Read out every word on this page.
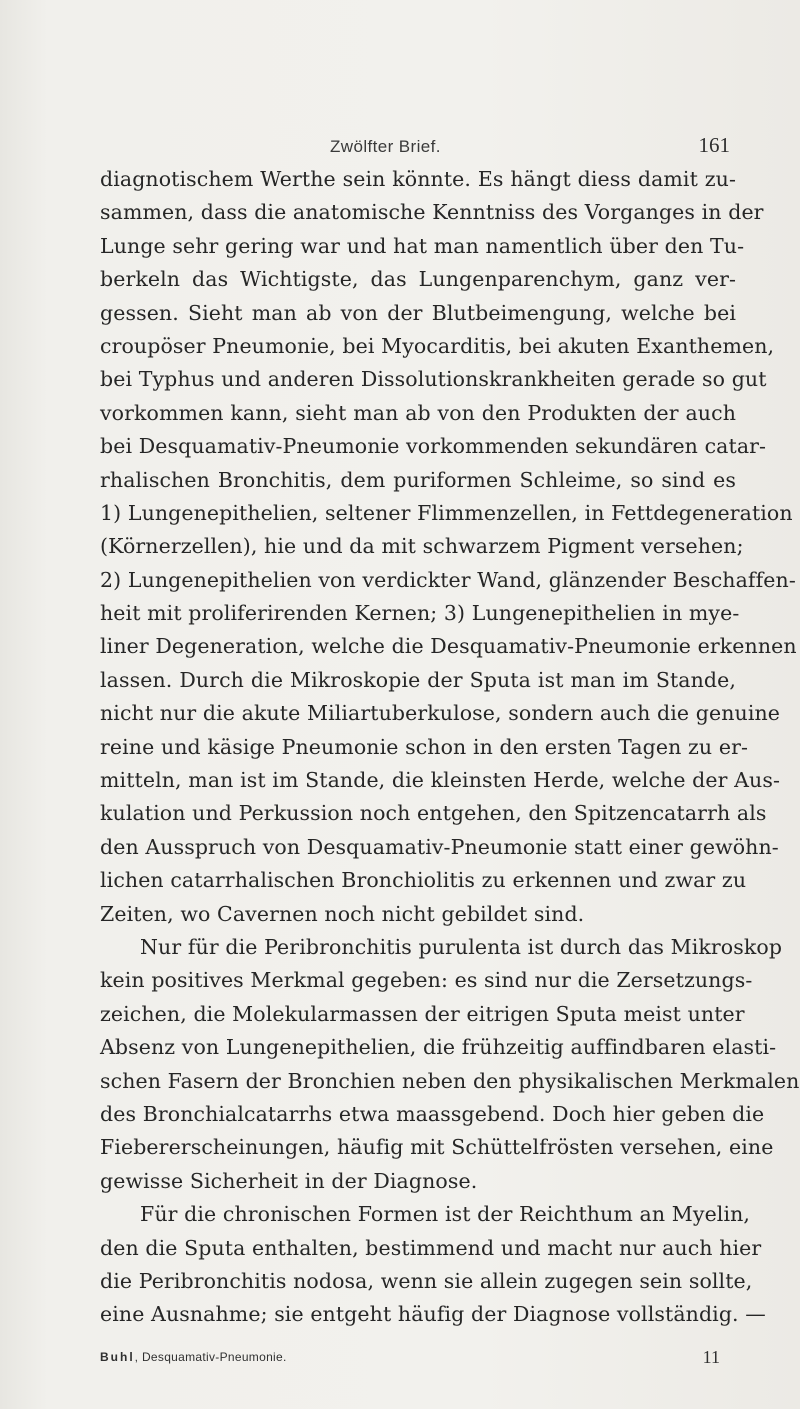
Zwölfter Brief.	161
diagnotischem Werthe sein könnte. Es hängt diess damit zu-
sammen, dass die anatomische Kenntniss des Vorganges in der
Lunge sehr gering war und hat man namentlich über den Tu-
berkeln das Wichtigste, das Lungenparenchym, ganz ver-
gessen. Sieht man ab von der Blutbeimengung, welche bei
croupöser Pneumonie, bei Myocarditis, bei akuten Exanthemen,
bei Typhus und anderen Dissolutionskrankheiten gerade so gut
vorkommen kann, sieht man ab von den Produkten der auch
bei Desquamativ-Pneumonie vorkommenden sekundären catar-
rhalischen Bronchitis, dem puriformen Schleime, so sind es
1) Lungenepithelien, seltener Flimmenzellen, in Fettdegeneration
(Körnerzellen), hie und da mit schwarzem Pigment versehen;
2) Lungenepithelien von verdickter Wand, glänzender Beschaffen-
heit mit proliferirenden Kernen; 3) Lungenepithelien in mye-
liner Degeneration, welche die Desquamativ-Pneumonie erkennen
lassen. Durch die Mikroskopie der Sputa ist man im Stande,
nicht nur die akute Miliartuberkulose, sondern auch die genuine
reine und käsige Pneumonie schon in den ersten Tagen zu er-
mitteln, man ist im Stande, die kleinsten Herde, welche der Aus-
kulation und Perkussion noch entgehen, den Spitzencatarrh als
den Ausspruch von Desquamativ-Pneumonie statt einer gewöhn-
lichen catarrhalischen Bronchiolitis zu erkennen und zwar zu
Zeiten, wo Cavernen noch nicht gebildet sind.
Nur für die Peribronchitis purulenta ist durch das Mikroskop
kein positives Merkmal gegeben: es sind nur die Zersetzungs-
zeichen, die Molekularmassen der eitrigen Sputa meist unter
Absenz von Lungenepithelien, die frühzeitig auffindbaren elasti-
schen Fasern der Bronchien neben den physikalischen Merkmalen
des Bronchialcatarrhs etwa maassgebend. Doch hier geben die
Fiebererscheinungen, häufig mit Schüttelfrösten versehen, eine
gewisse Sicherheit in der Diagnose.
Für die chronischen Formen ist der Reichthum an Myelin,
den die Sputa enthalten, bestimmend und macht nur auch hier
die Peribronchitis nodosa, wenn sie allein zugegen sein sollte,
eine Ausnahme; sie entgeht häufig der Diagnose vollständig. —
Buhl, Desquamativ-Pneumonie.	11
